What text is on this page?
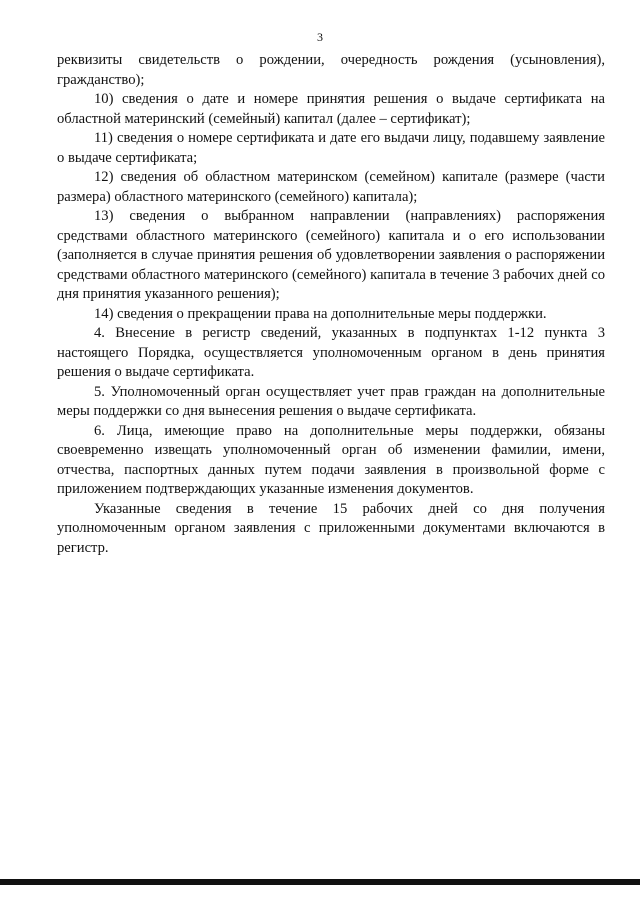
3

реквизиты свидетельств о рождении, очередность рождения (усыновления), гражданство);

10) сведения о дате и номере принятия решения о выдаче сертификата на областной материнский (семейный) капитал (далее – сертификат);

11) сведения о номере сертификата и дате его выдачи лицу, подавшему заявление о выдаче сертификата;

12) сведения об областном материнском (семейном) капитале (размере (части размера) областного материнского (семейного) капитала);

13) сведения о выбранном направлении (направлениях) распоряжения средствами областного материнского (семейного) капитала и о его использовании (заполняется в случае принятия решения об удовлетворении заявления о распоряжении средствами областного материнского (семейного) капитала в течение 3 рабочих дней со дня принятия указанного решения);

14) сведения о прекращении права на дополнительные меры поддержки.

4. Внесение в регистр сведений, указанных в подпунктах 1-12 пункта 3 настоящего Порядка, осуществляется уполномоченным органом в день принятия решения о выдаче сертификата.

5. Уполномоченный орган осуществляет учет прав граждан на дополнительные меры поддержки со дня вынесения решения о выдаче сертификата.

6. Лица, имеющие право на дополнительные меры поддержки, обязаны своевременно извещать уполномоченный орган об изменении фамилии, имени, отчества, паспортных данных путем подачи заявления в произвольной форме с приложением подтверждающих указанные изменения документов.

Указанные сведения в течение 15 рабочих дней со дня получения уполномоченным органом заявления с приложенными документами включаются в регистр.
